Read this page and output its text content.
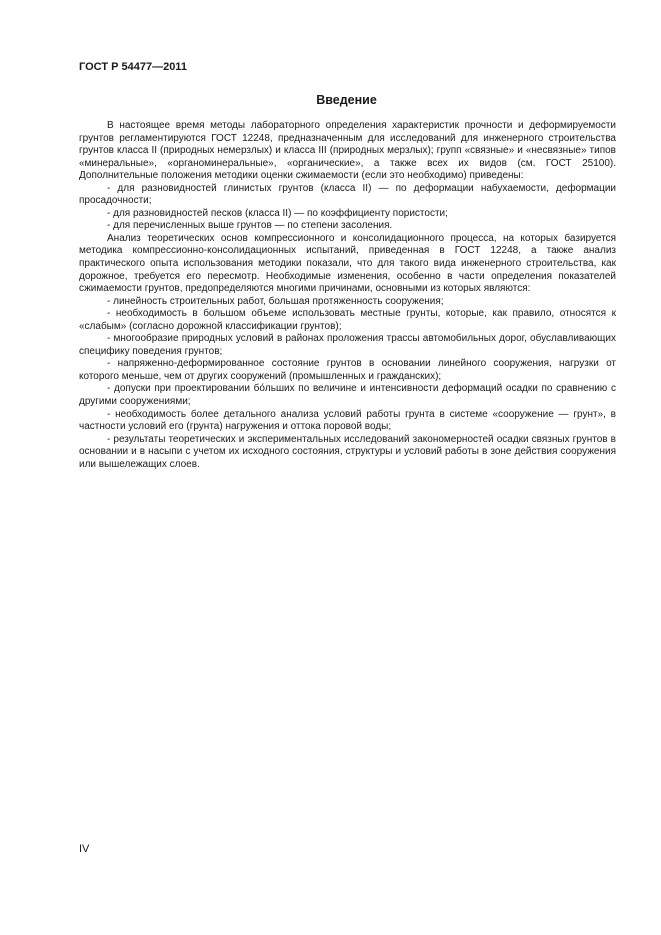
ГОСТ Р 54477—2011
Введение

В настоящее время методы лабораторного определения характеристик прочности и деформируемости грунтов регламентируются ГОСТ 12248, предназначенным для исследований для инженерного строительства грунтов класса II (природных немерзлых) и класса III (природных мерзлых); групп «связные» и «несвязные» типов «минеральные», «органоминеральные», «органические», а также всех их видов (см. ГОСТ 25100). Дополнительные положения методики оценки сжимаемости (если это необходимо) приведены:

- для разновидностей глинистых грунтов (класса II) — по деформации набухаемости, деформации просадочности;

- для разновидностей песков (класса II) — по коэффициенту пористости;

- для перечисленных выше грунтов — по степени засоления.

Анализ теоретических основ компрессионного и консолидационного процесса, на которых базируется методика компрессионно-консолидационных испытаний, приведенная в ГОСТ 12248, а также анализ практического опыта использования методики показали, что для такого вида инженерного строительства, как дорожное, требуется его пересмотр. Необходимые изменения, особенно в части определения показателей сжимаемости грунтов, предопределяются многими причинами, основными из которых являются:

- линейность строительных работ, большая протяженность сооружения;

- необходимость в большом объеме использовать местные грунты, которые, как правило, относятся к «слабым» (согласно дорожной классификации грунтов);

- многообразие природных условий в районах проложения трассы автомобильных дорог, обуславливающих специфику поведения грунтов;

- напряженно-деформированное состояние грунтов в основании линейного сооружения, нагрузки от которого меньше, чем от других сооружений (промышленных и гражданских);

- допуски при проектировании бо́льших по величине и интенсивности деформаций осадки по сравнению с другими сооружениями;

- необходимость более детального анализа условий работы грунта в системе «сооружение — грунт», в частности условий его (грунта) нагружения и оттока поровой воды;

- результаты теоретических и экспериментальных исследований закономерностей осадки связных грунтов в основании и в насыпи с учетом их исходного состояния, структуры и условий работы в зоне действия сооружения или вышележащих слоев.

IV
